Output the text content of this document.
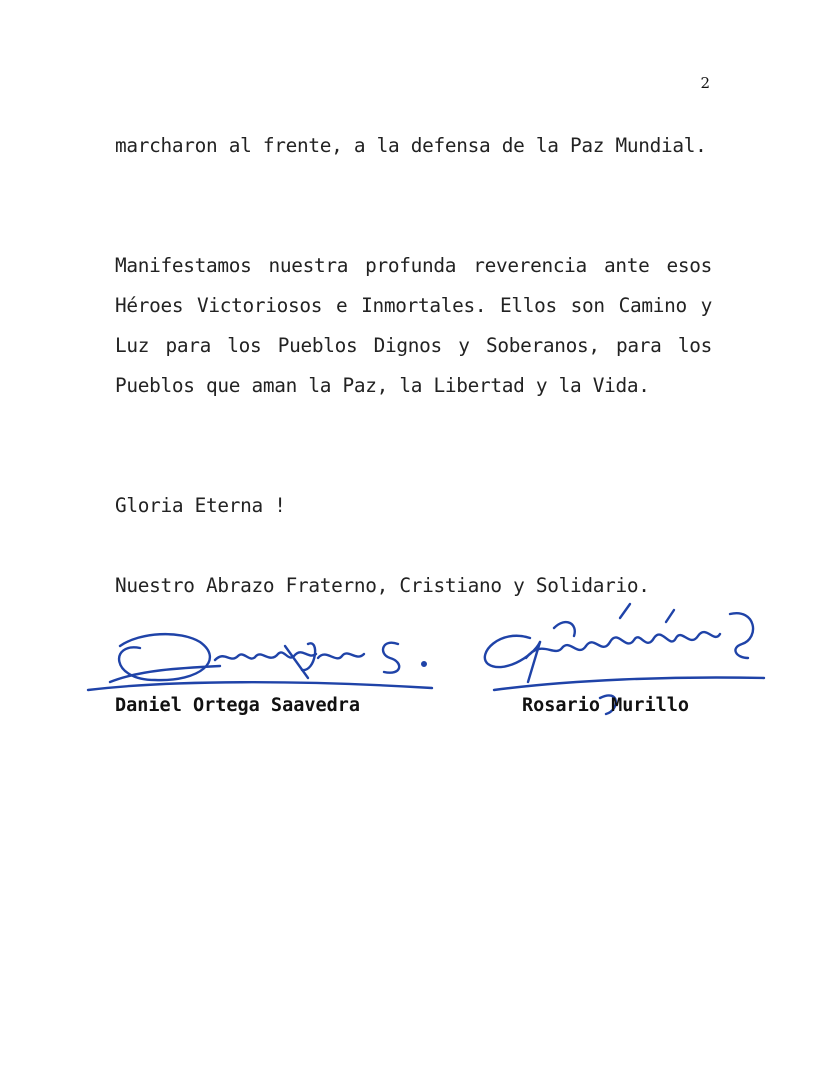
2

marcharon al frente, a la defensa de la Paz Mundial.

Manifestamos nuestra profunda reverencia ante esos Héroes Victoriosos e Inmortales. Ellos son Camino y Luz para los Pueblos Dignos y Soberanos, para los Pueblos que aman la Paz, la Libertad y la Vida.

Gloria Eterna !

Nuestro Abrazo Fraterno, Cristiano y Solidario.

Daniel Ortega Saavedra	Rosario Murillo
